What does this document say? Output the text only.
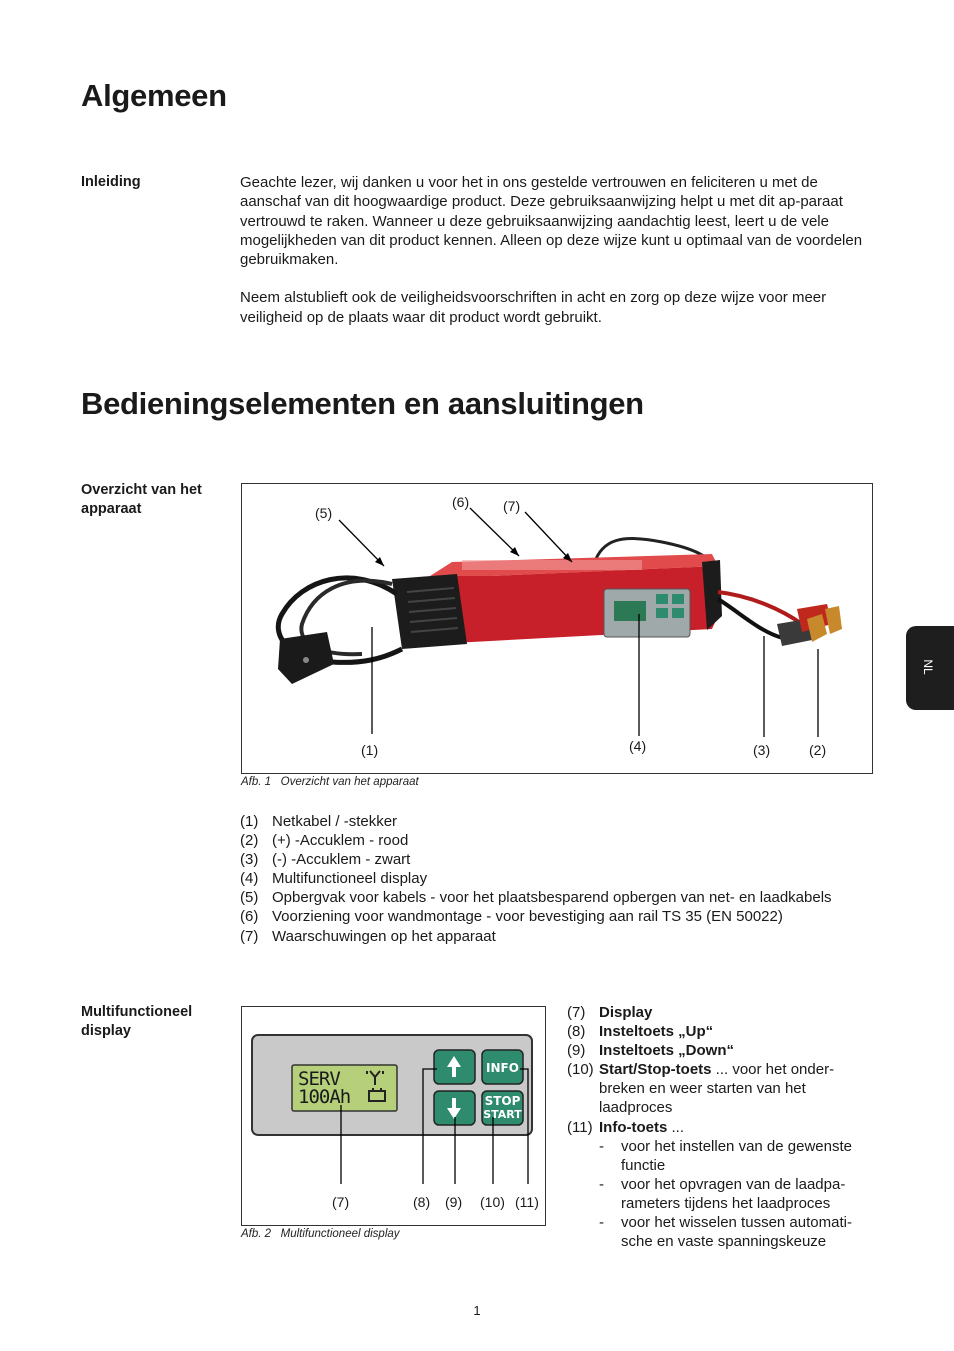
Algemeen
Inleiding	Geachte lezer, wij danken u voor het in ons gestelde vertrouwen en feliciteren u met de aanschaf van dit hoogwaardige product. Deze gebruiksaanwijzing helpt u met dit ap-paraat vertrouwd te raken. Wanneer u deze gebruiksaanwijzing aandachtig leest, leert u de vele mogelijkheden van dit product kennen. Alleen op deze wijze kunt u optimaal van de voordelen gebruikmaken.

Neem alstublieft ook de veiligheidsvoorschriften in acht en zorg op deze wijze voor meer veiligheid op de plaats waar dit product wordt gebruikt.

Bedieningselementen en aansluitingen
Overzicht van het apparaat	(5)
(6) (7)
(1)	(4)	(3)	(2)
Afb. 1   Overzicht van het apparaat
(1) Netkabel / -stekker
(2) (+) -Accuklem - rood
(3) (-) -Accuklem - zwart
(4) Multifunctioneel display
(5) Opbergvak voor kabels - voor het plaatsbesparend opbergen van net- en laadkabels
(6) Voorziening voor wandmontage - voor bevestiging aan rail TS 35 (EN 50022)
(7) Waarschuwingen op het apparaat
Multifunctioneel display
SERV
100Ah
INFO
STOP
START
(7)	(8) (9) (10) (11)
Afb. 2   Multifunctioneel display
(7) Display
(8) Insteltoets „Up“
(9) Insteltoets „Down“
(10) Start/Stop-toets ... voor het onder-breken en weer starten van het laadproces
(11) Info-toets ...
-	voor het instellen van de gewenste functie
-	voor het opvragen van de laadpa-rameters tijdens het laadproces
-	voor het wisselen tussen automati-sche en vaste spanningskeuze
NL
1
